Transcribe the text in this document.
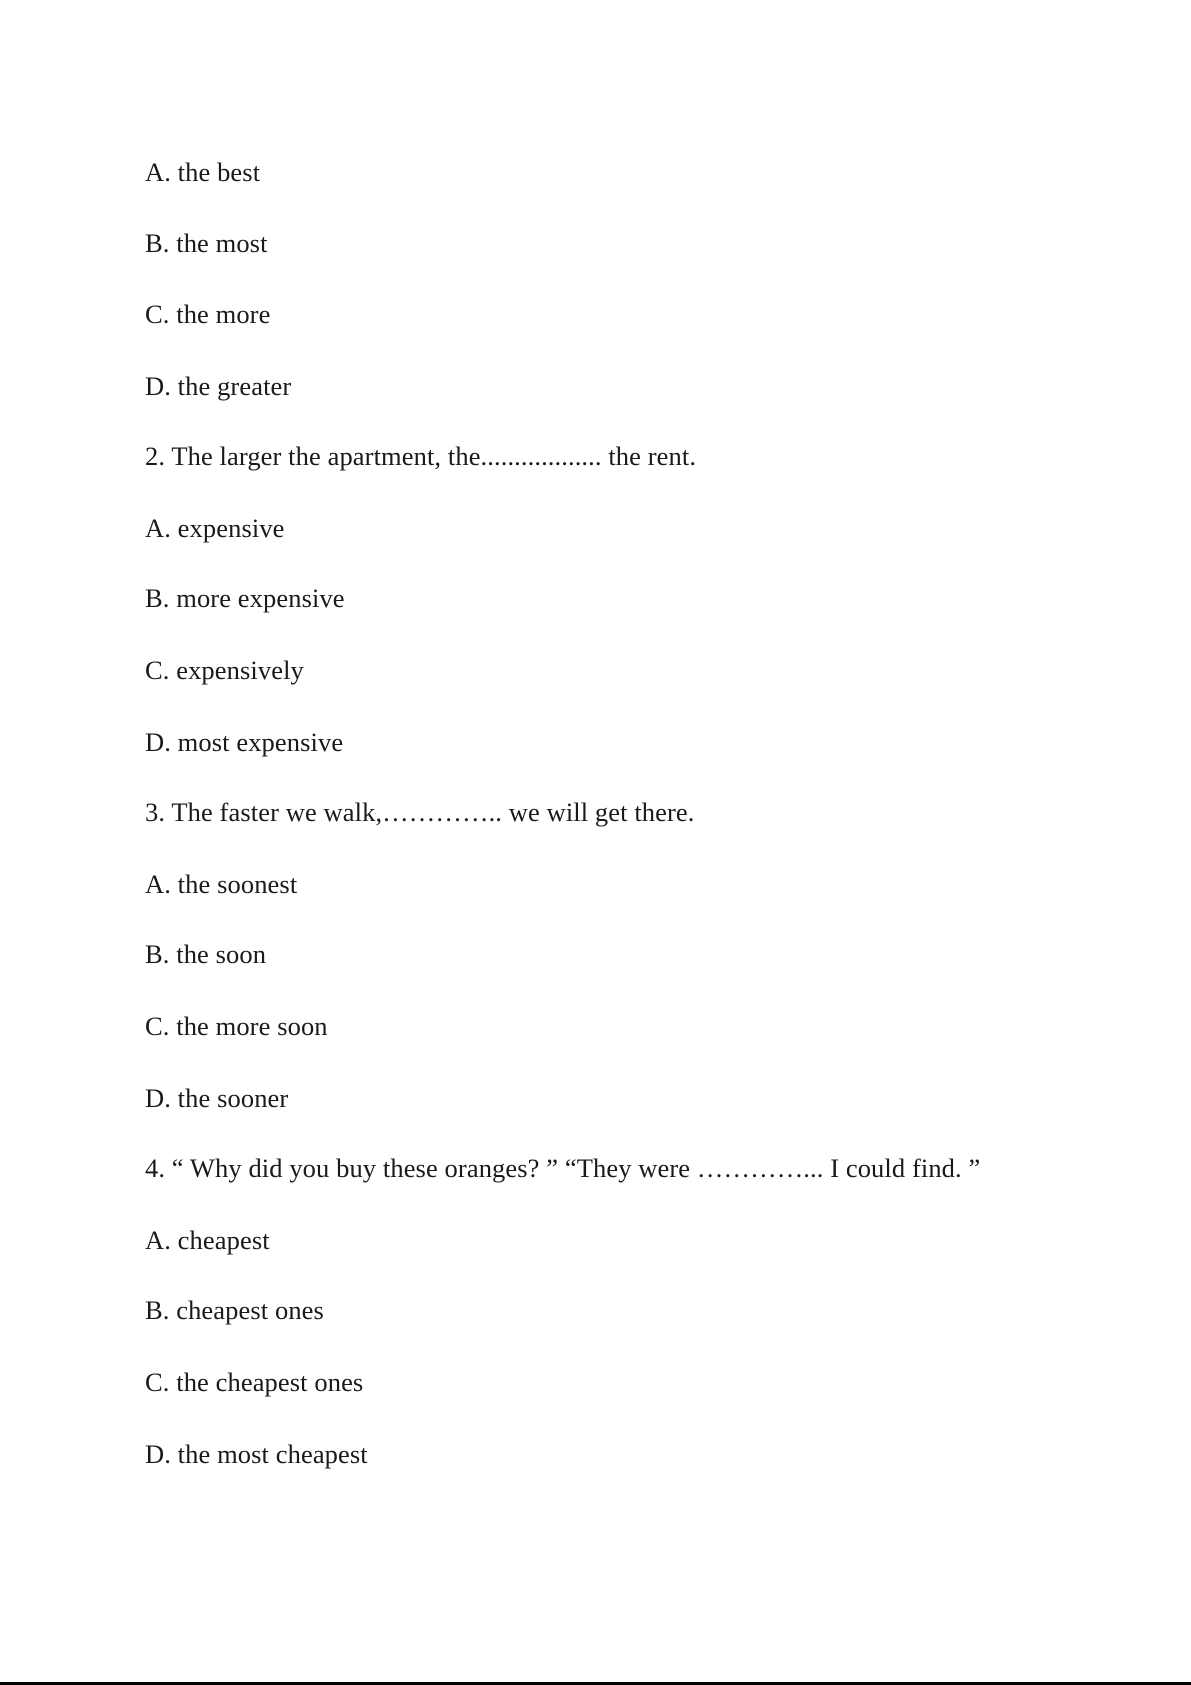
A. the best
B. the most
C. the more
D. the greater
2. The larger the apartment, the.................. the rent.
A. expensive
B. more expensive
C. expensively
D. most expensive
3. The faster we walk,………….. we will get there.
A. the soonest
B. the soon
C. the more soon
D. the sooner
4. “ Why did you buy these oranges? ” “They were …………... I could find. ”
A. cheapest
B. cheapest ones
C. the cheapest ones
D. the most cheapest
